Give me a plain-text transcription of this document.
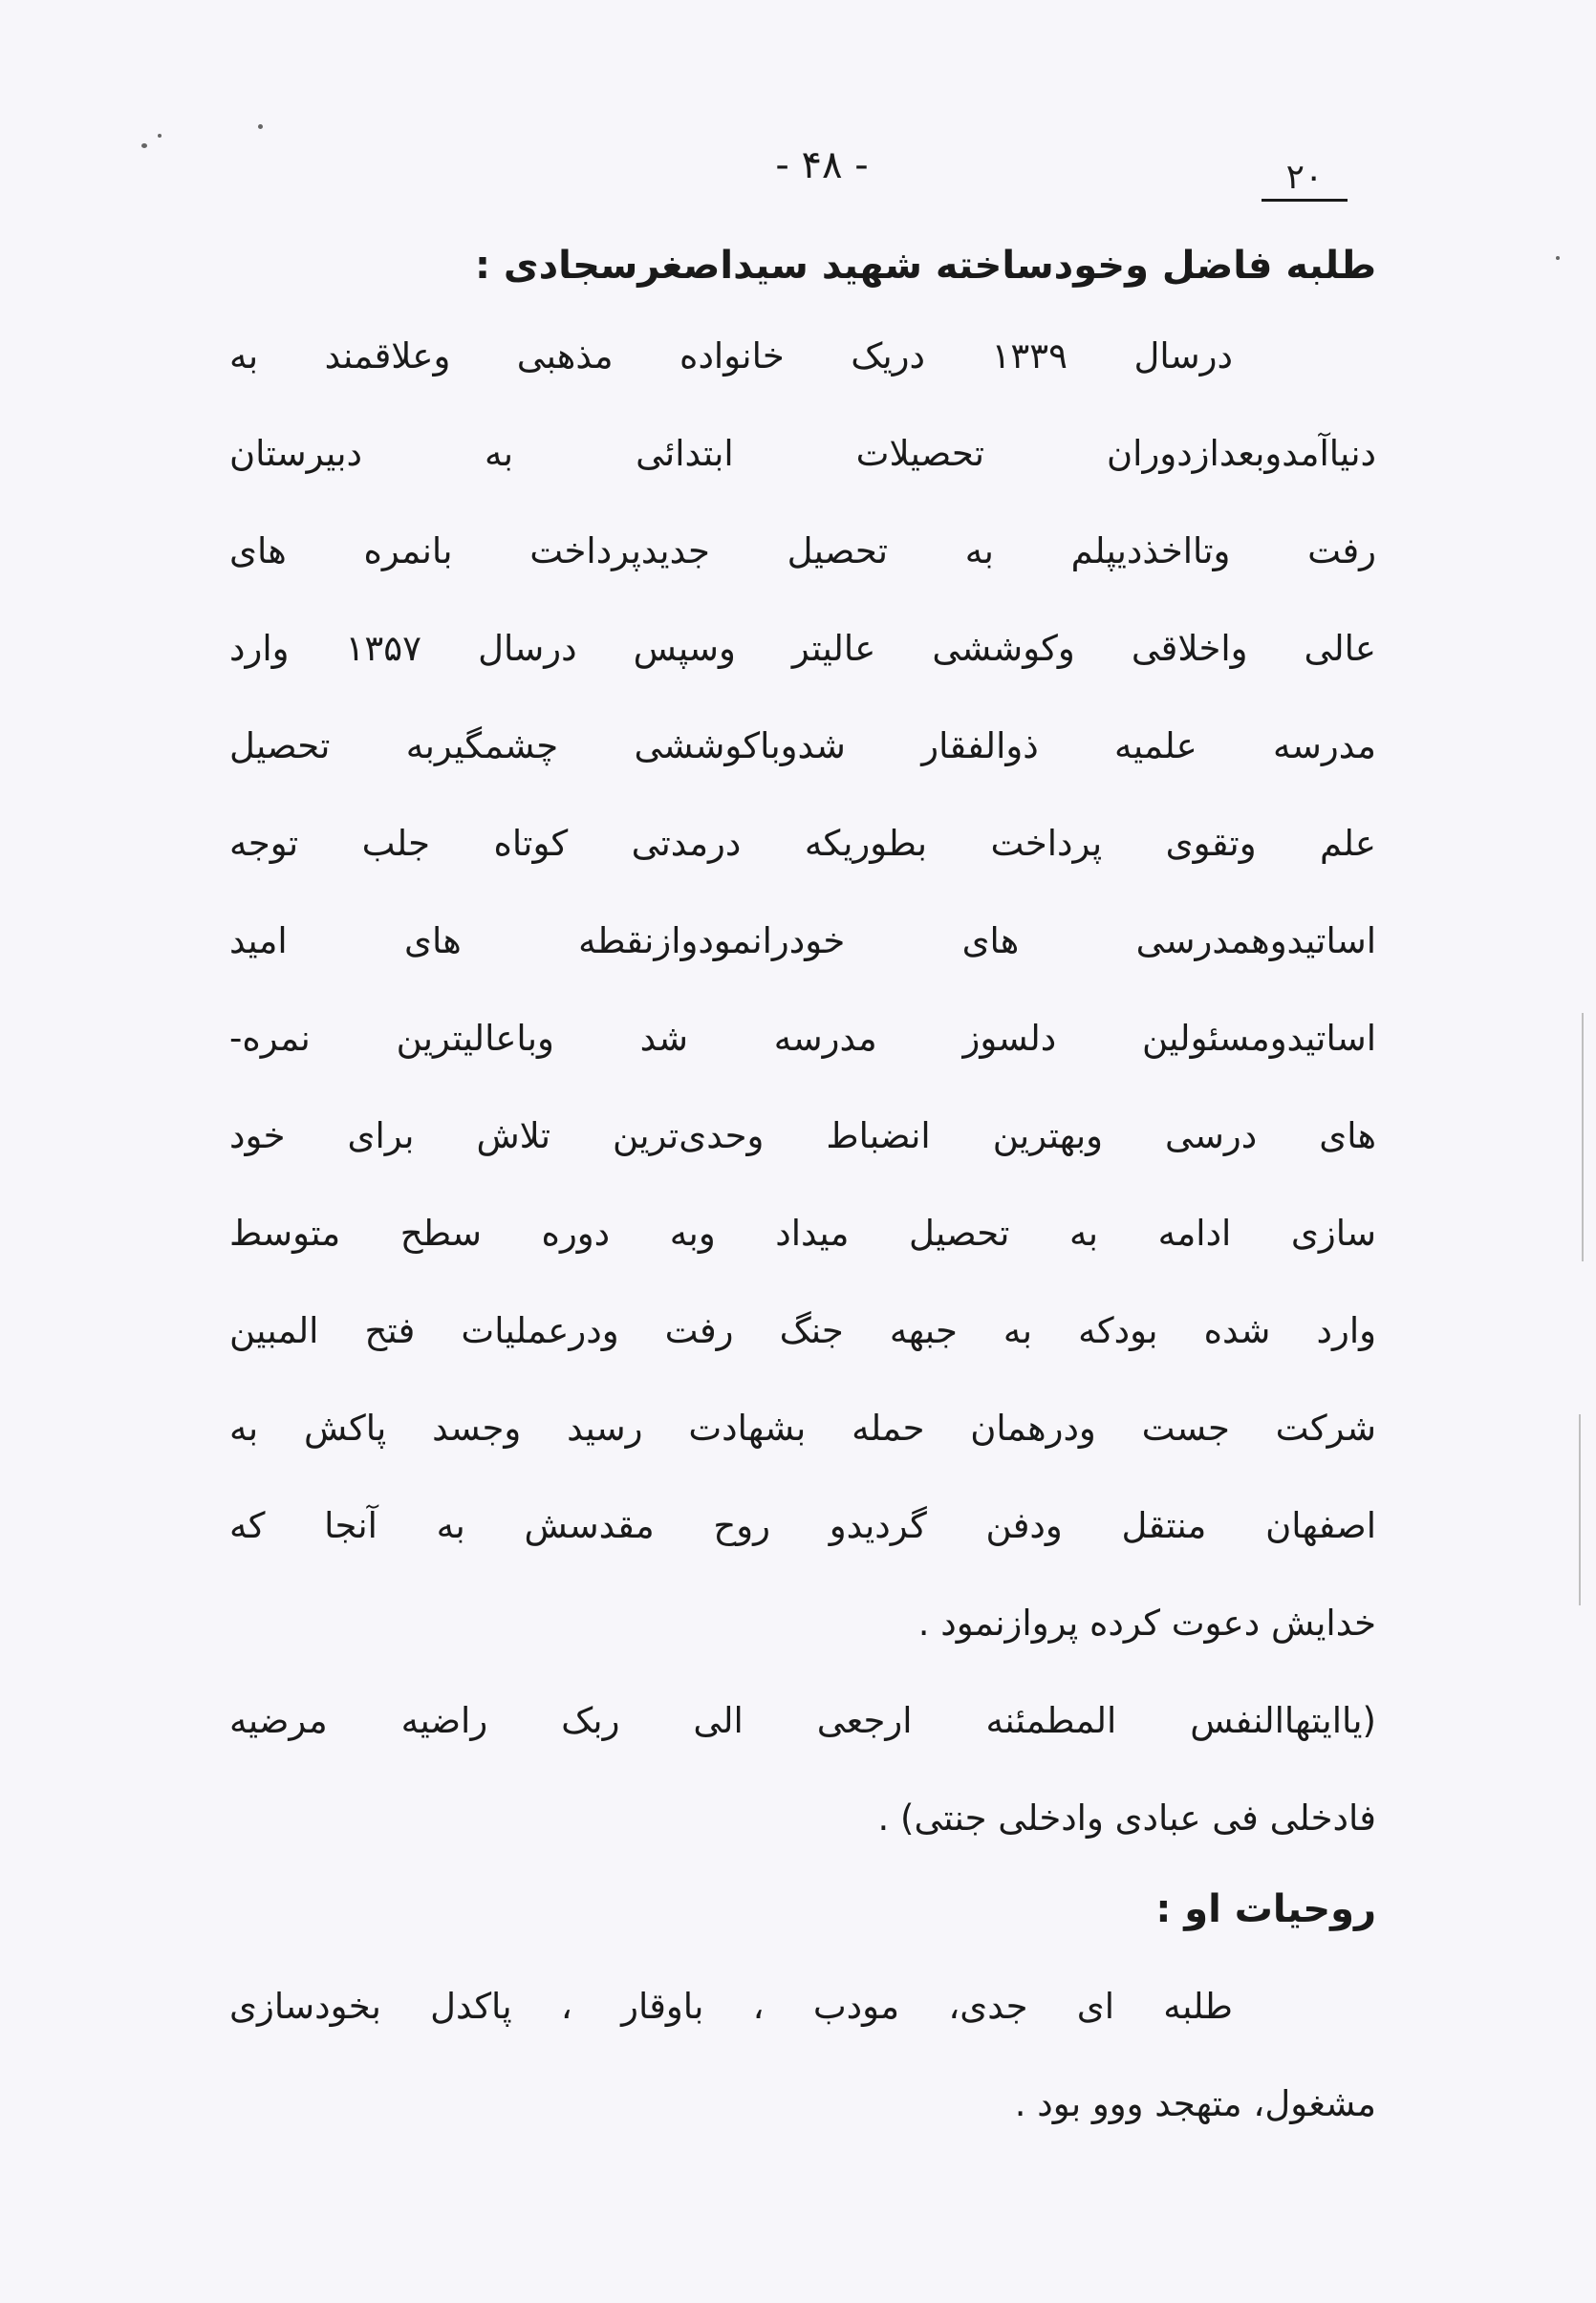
- ۴۸ -	۲۰
طلبه فاضل وخودساخته شهید سیداصغرسجادی :
درسال ۱۳۳۹ دریک خانواده مذهبی وعلاقمند به
دنیاآمدوبعدازدوران تحصیلات ابتدائی به دبیرستان
رفت وتااخذدیپلم به تحصیل جدیدپرداخت بانمره های
عالی واخلاقی وکوششی عالیتر وسپس درسال ۱۳۵۷ وارد
مدرسه علمیه ذوالفقار شدوباکوششی چشمگیربه تحصیل
علم وتقوی پرداخت بطوریکه درمدتی کوتاه جلب توجه
اساتیدوهمدرسی های خودرانمودوازنقطه های امید
اساتیدومسئولین دلسوز مدرسه شد وباعالیترین نمره-
های درسی وبهترین انضباط وحدی‌ترین تلاش برای خود
سازی ادامه به تحصیل میداد وبه دوره سطح متوسط
وارد شده بودکه به جبهه جنگ رفت ودرعملیات فتح المبین
شرکت جست ودرهمان حمله بشهادت رسید وجسد پاکش به
اصفهان منتقل ودفن گردیدو روح مقدسش به آنجا که
خدایش دعوت کرده پروازنمود .
(یاایتهاالنفس المطمئنه ارجعی الی ربک راضیه مرضیه
فادخلی فی عبادی وادخلی جنتی) .
روحیات او :
طلبه ای جدی، مودب ، باوقار ، پاکدل بخودسازی
مشغول، متهجد ووو بود .
